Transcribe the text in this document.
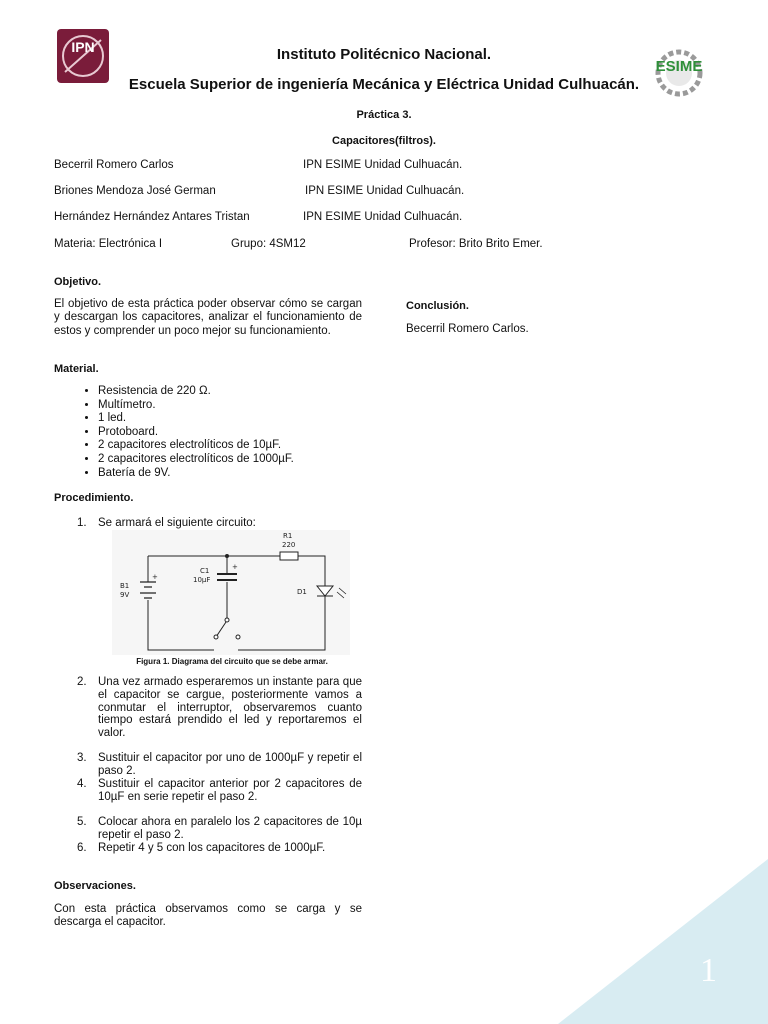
IPN
ESIME
Instituto Politécnico Nacional.
Escuela Superior de ingeniería Mecánica y Eléctrica Unidad Culhuacán.
Práctica 3.
Capacitores(filtros).
Becerril Romero Carlos	IPN ESIME Unidad Culhuacán.
Briones Mendoza José German	IPN ESIME Unidad Culhuacán.
Hernández Hernández Antares Tristan	IPN ESIME Unidad Culhuacán.
Materia: Electrónica I	Grupo: 4SM12	Profesor: Brito Brito Emer.
Objetivo.
El objetivo de esta práctica poder observar cómo se cargan y descargan los capacitores, analizar el funcionamiento de estos y comprender un poco mejor su funcionamiento.
Conclusión.
Becerril Romero Carlos.
Material.
• Resistencia de 220 Ω.
• Multímetro.
• 1 led.
• Protoboard.
• 2 capacitores electrolíticos de 10µF.
• 2 capacitores electrolíticos de 1000µF.
• Batería de 9V.
Procedimiento.
1. Se armará el siguiente circuito:
R1
220
C1
10µF
+
B1
9V
+
D1
Figura 1. Diagrama del circuito que se debe armar.
2. Una vez armado esperaremos un instante para que el capacitor se cargue, posteriormente vamos a conmutar el interruptor, observaremos cuanto tiempo estará prendido el led y reportaremos el valor.
3. Sustituir el capacitor por uno de 1000µF y repetir el paso 2.
4. Sustituir el capacitor anterior por 2 capacitores de 10µF en serie repetir el paso 2.
5. Colocar ahora en paralelo los 2 capacitores de 10µ repetir el paso 2.
6. Repetir 4 y 5 con los capacitores de 1000µF.
Observaciones.
Con esta práctica observamos como se carga y se descarga el capacitor.
1
